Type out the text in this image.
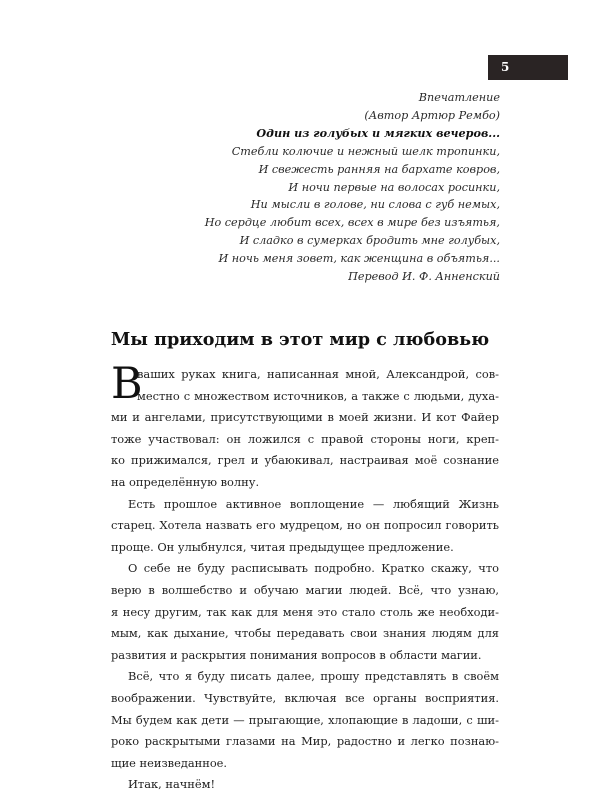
5
Впечатление
(Автор Артюр Рембо)
Один из голубых и мягких вечеров...
Стебли колючие и нежный шелк тропинки,
И свежесть ранняя на бархате ковров,
И ночи первые на волосах росинки,
Ни мысли в голове, ни слова с губ немых,
Но сердце любит всех, всех в мире без изъятья,
И сладко в сумерках бродить мне голубых,
И ночь меня зовет, как женщина в объятья...
Перевод И. Ф. Анненский
Мы приходим в этот мир с любовью
В
ваших руках книга, написанная мной, Александрой, сов-
местно с множеством источников, а также с людьми, духа-
ми и ангелами, присутствующими в моей жизни. И кот Файер
тоже участвовал: он ложился с правой стороны ноги, креп-
ко прижимался, грел и убаюкивал, настраивая моё сознание
на определённую волну.
Есть прошлое активное воплощение — любящий Жизнь
старец. Хотела назвать его мудрецом, но он попросил говорить
проще. Он улыбнулся, читая предыдущее предложение.
О себе не буду расписывать подробно. Кратко скажу, что
верю в волшебство и обучаю магии людей. Всё, что узнаю,
я несу другим, так как для меня это стало столь же необходи-
мым, как дыхание, чтобы передавать свои знания людям для
развития и раскрытия понимания вопросов в области магии.
Всё, что я буду писать далее, прошу представлять в своём
воображении. Чувствуйте, включая все органы восприятия.
Мы будем как дети — прыгающие, хлопающие в ладоши, с ши-
роко раскрытыми глазами на Мир, радостно и легко познаю-
щие неизведанное.
Итак, начнём!
